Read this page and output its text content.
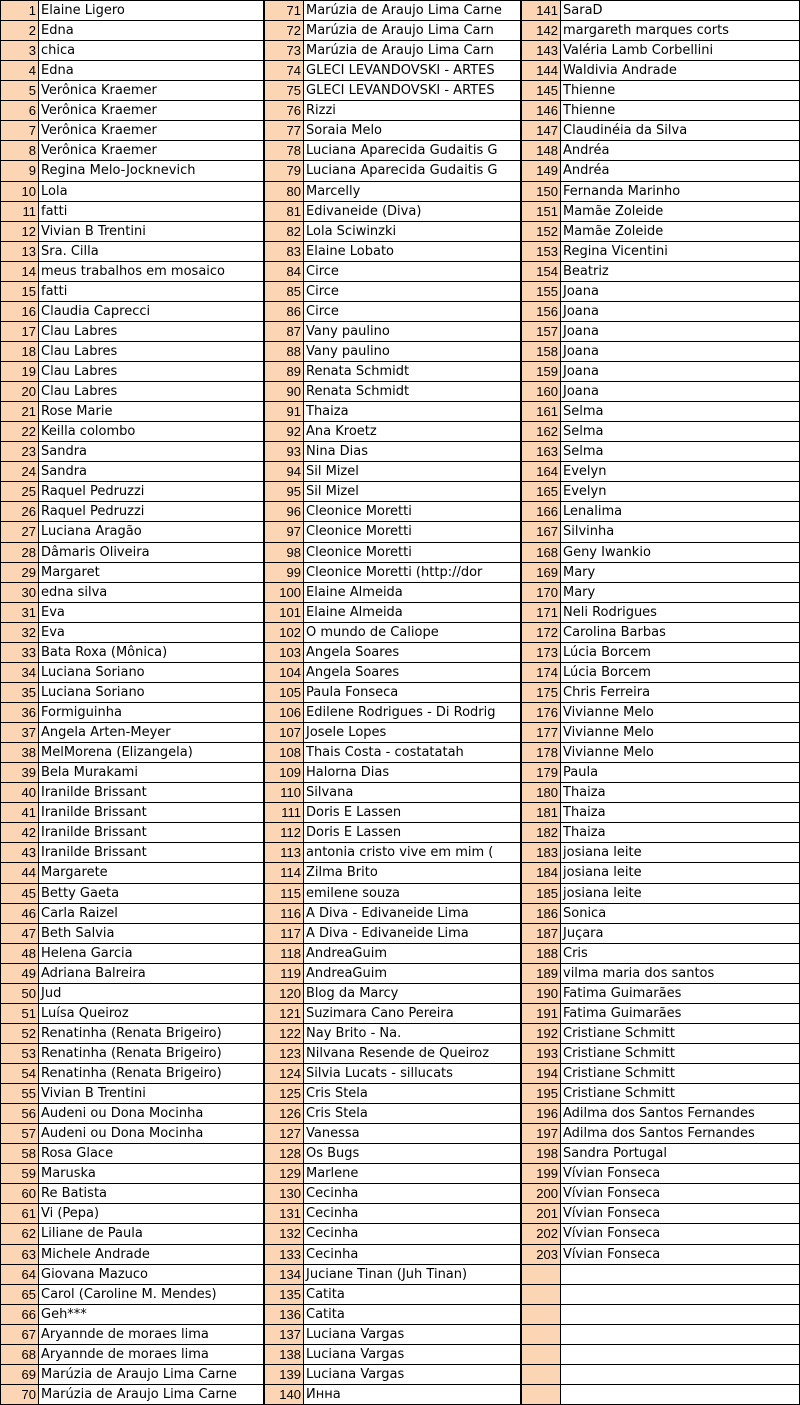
1 Elaine Ligero
2 Edna
3 chica
4 Edna
5 Verônica Kraemer
6 Verônica Kraemer
7 Verônica Kraemer
8 Verônica Kraemer
9 Regina Melo-Jocknevich
10 Lola
11 fatti
12 Vivian B Trentini
13 Sra. Cilla
14 meus trabalhos em mosaico
15 fatti
16 Claudia Caprecci
17 Clau Labres
18 Clau Labres
19 Clau Labres
20 Clau Labres
21 Rose Marie
22 Keilla colombo
23 Sandra
24 Sandra
25 Raquel Pedruzzi
26 Raquel Pedruzzi
27 Luciana Aragão
28 Dâmaris Oliveira
29 Margaret
30 edna silva
31 Eva
32 Eva
33 Bata Roxa (Mônica)
34 Luciana Soriano
35 Luciana Soriano
36 Formiguinha
37 Angela Arten-Meyer
38 MelMorena (Elizangela)
39 Bela Murakami
40 Iranilde Brissant
41 Iranilde Brissant
42 Iranilde Brissant
43 Iranilde Brissant
44 Margarete
45 Betty Gaeta
46 Carla Raizel
47 Beth Salvia
48 Helena Garcia
49 Adriana Balreira
50 Jud
51 Luísa Queiroz
52 Renatinha (Renata Brigeiro)
53 Renatinha (Renata Brigeiro)
54 Renatinha (Renata Brigeiro)
55 Vivian B Trentini
56 Audeni ou Dona Mocinha
57 Audeni ou Dona Mocinha
58 Rosa Glace
59 Maruska
60 Re Batista
61 Vi (Pepa)
62 Liliane de Paula
63 Michele Andrade
64 Giovana Mazuco
65 Carol (Caroline M. Mendes)
66 Geh***
67 Aryannde de moraes lima
68 Aryannde de moraes lima
69 Marúzia de Araujo Lima Carne
70 Marúzia de Araujo Lima Carne
71 Marúzia de Araujo Lima Carne
72 Marúzia de Araujo Lima Carn
73 Marúzia de Araujo Lima Carn
74 GLECI LEVANDOVSKI - ARTES
75 GLECI LEVANDOVSKI - ARTES
76 Rizzi
77 Soraia Melo
78 Luciana Aparecida Gudaitis G
79 Luciana Aparecida Gudaitis G
80 Marcelly
81 Edivaneide (Diva)
82 Lola Sciwinzki
83 Elaine Lobato
84 Circe
85 Circe
86 Circe
87 Vany paulino
88 Vany paulino
89 Renata Schmidt
90 Renata Schmidt
91 Thaiza
92 Ana Kroetz
93 Nina Dias
94 Sil Mizel
95 Sil Mizel
96 Cleonice Moretti
97 Cleonice Moretti
98 Cleonice Moretti
99 Cleonice Moretti (http://dor
100 Elaine Almeida
101 Elaine Almeida
102 O mundo de Caliope
103 Angela Soares
104 Angela Soares
105 Paula Fonseca
106 Edilene Rodrigues - Di Rodrig
107 Josele Lopes
108 Thais Costa - costatatah
109 Halorna Dias
110 Silvana
111 Doris E Lassen
112 Doris E Lassen
113 antonia cristo vive em mim (
114 Zilma Brito
115 emilene souza
116 A Diva - Edivaneide Lima
117 A Diva - Edivaneide Lima
118 AndreaGuim
119 AndreaGuim
120 Blog da Marcy
121 Suzimara Cano Pereira
122 Nay Brito - Na.
123 Nilvana Resende de Queiroz
124 Silvia Lucats - sillucats
125 Cris Stela
126 Cris Stela
127 Vanessa
128 Os Bugs
129 Marlene
130 Cecinha
131 Cecinha
132 Cecinha
133 Cecinha
134 Juciane Tinan (Juh Tinan)
135 Catita
136 Catita
137 Luciana Vargas
138 Luciana Vargas
139 Luciana Vargas
140 Инна
141 SaraD
142 margareth marques corts
143 Valéria Lamb Corbellini
144 Waldivia Andrade
145 Thienne
146 Thienne
147 Claudinéia da Silva
148 Andréa
149 Andréa
150 Fernanda Marinho
151 Mamãe Zoleide
152 Mamãe Zoleide
153 Regina Vicentini
154 Beatriz
155 Joana
156 Joana
157 Joana
158 Joana
159 Joana
160 Joana
161 Selma
162 Selma
163 Selma
164 Evelyn
165 Evelyn
166 Lenalima
167 Silvinha
168 Geny Iwankio
169 Mary
170 Mary
171 Neli Rodrigues
172 Carolina Barbas
173 Lúcia Borcem
174 Lúcia Borcem
175 Chris Ferreira
176 Vivianne Melo
177 Vivianne Melo
178 Vivianne Melo
179 Paula
180 Thaiza
181 Thaiza
182 Thaiza
183 josiana leite
184 josiana leite
185 josiana leite
186 Sonica
187 Juçara
188 Cris
189 vilma maria dos santos
190 Fatima Guimarães
191 Fatima Guimarães
192 Cristiane Schmitt
193 Cristiane Schmitt
194 Cristiane Schmitt
195 Cristiane Schmitt
196 Adilma dos Santos Fernandes
197 Adilma dos Santos Fernandes
198 Sandra Portugal
199 Vívian Fonseca
200 Vívian Fonseca
201 Vívian Fonseca
202 Vívian Fonseca
203 Vívian Fonseca
